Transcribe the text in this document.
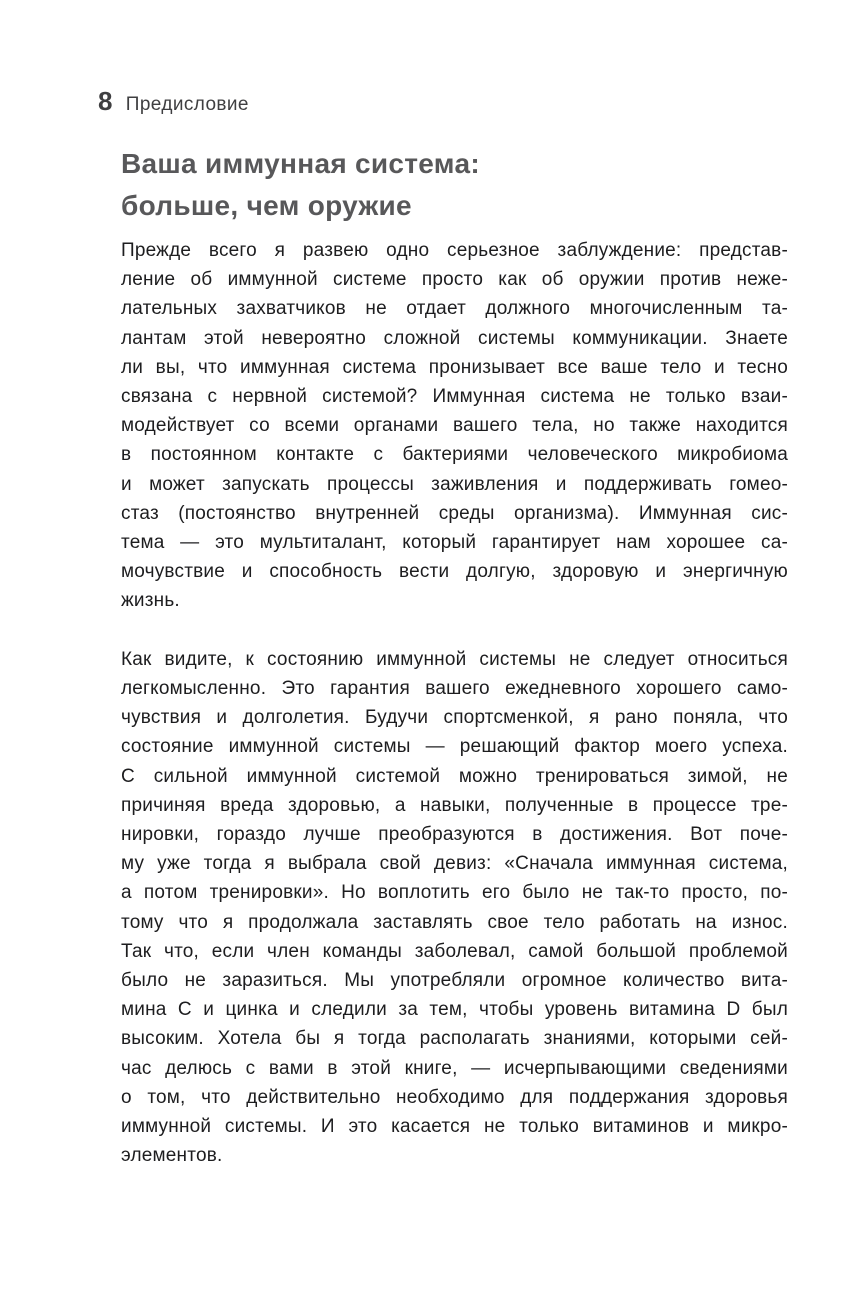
8 Предисловие
Ваша иммунная система:
больше, чем оружие
Прежде всего я развею одно серьезное заблуждение: представ-
ление об иммунной системе просто как об оружии против неже-
лательных захватчиков не отдает должного многочисленным та-
лантам этой невероятно сложной системы коммуникации. Знаете
ли вы, что иммунная система пронизывает все ваше тело и тесно
связана с нервной системой? Иммунная система не только взаи-
модействует со всеми органами вашего тела, но также находится
в постоянном контакте с бактериями человеческого микробиома
и может запускать процессы заживления и поддерживать гомео-
стаз (постоянство внутренней среды организма). Иммунная сис-
тема — это мультиталант, который гарантирует нам хорошее са-
мочувствие и способность вести долгую, здоровую и энергичную
жизнь.
Как видите, к состоянию иммунной системы не следует относиться
легкомысленно. Это гарантия вашего ежедневного хорошего само-
чувствия и долголетия. Будучи спортсменкой, я рано поняла, что
состояние иммунной системы — решающий фактор моего успеха.
С сильной иммунной системой можно тренироваться зимой, не
причиняя вреда здоровью, а навыки, полученные в процессе тре-
нировки, гораздо лучше преобразуются в достижения. Вот поче-
му уже тогда я выбрала свой девиз: «Сначала иммунная система,
а потом тренировки». Но воплотить его было не так-то просто, по-
тому что я продолжала заставлять свое тело работать на износ.
Так что, если член команды заболевал, самой большой проблемой
было не заразиться. Мы употребляли огромное количество вита-
мина C и цинка и следили за тем, чтобы уровень витамина D был
высоким. Хотела бы я тогда располагать знаниями, которыми сей-
час делюсь с вами в этой книге, — исчерпывающими сведениями
о том, что действительно необходимо для поддержания здоровья
иммунной системы. И это касается не только витаминов и микро-
элементов.
